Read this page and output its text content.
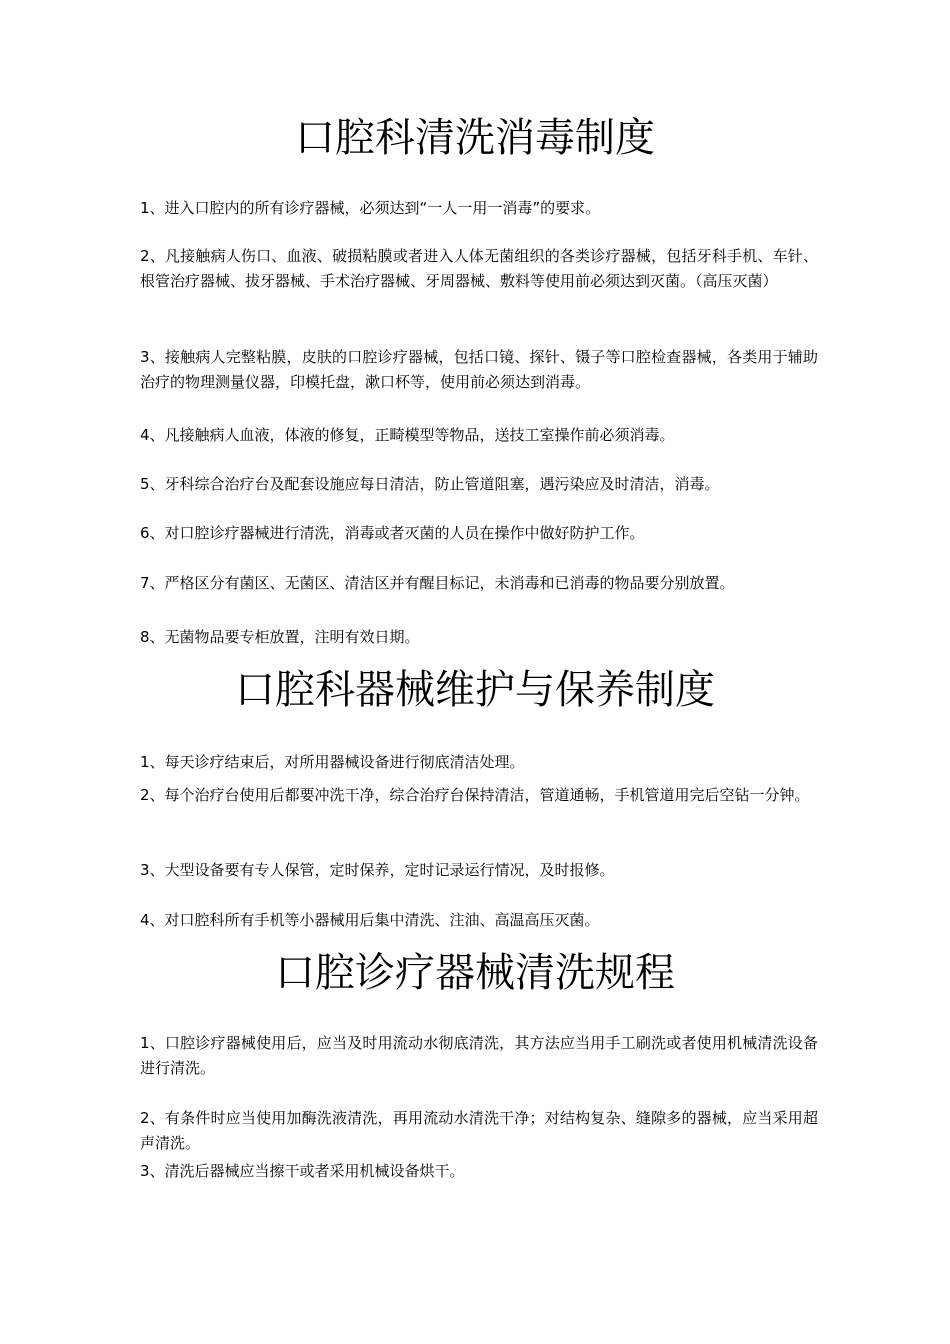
口腔科清洗消毒制度

1、进入口腔内的所有诊疗器械，必须达到“一人一用一消毒”的要求。

2、凡接触病人伤口、血液、破损粘膜或者进入人体无菌组织的各类诊疗器械，包括牙科手机、车针、根管治疗器械、拔牙器械、手术治疗器械、牙周器械、敷料等使用前必须达到灭菌。（高压灭菌）

3、接触病人完整粘膜，皮肤的口腔诊疗器械，包括口镜、探针、镊子等口腔检查器械，各类用于辅助治疗的物理测量仪器，印模托盘，漱口杯等，使用前必须达到消毒。

4、凡接触病人血液，体液的修复，正畸模型等物品，送技工室操作前必须消毒。

5、牙科综合治疗台及配套设施应每日清洁，防止管道阻塞，遇污染应及时清洁，消毒。

6、对口腔诊疗器械进行清洗，消毒或者灭菌的人员在操作中做好防护工作。

7、严格区分有菌区、无菌区、清洁区并有醒目标记，未消毒和已消毒的物品要分别放置。

8、无菌物品要专柜放置，注明有效日期。

口腔科器械维护与保养制度

1、每天诊疗结束后，对所用器械设备进行彻底清洁处理。

2、每个治疗台使用后都要冲洗干净，综合治疗台保持清洁，管道通畅，手机管道用完后空钻一分钟。

3、大型设备要有专人保管，定时保养，定时记录运行情况，及时报修。

4、对口腔科所有手机等小器械用后集中清洗、注油、高温高压灭菌。

口腔诊疗器械清洗规程

1、口腔诊疗器械使用后，应当及时用流动水彻底清洗，其方法应当用手工刷洗或者使用机械清洗设备进行清洗。

2、有条件时应当使用加酶洗液清洗，再用流动水清洗干净；对结构复杂、缝隙多的器械，应当采用超声清洗。

3、清洗后器械应当擦干或者采用机械设备烘干。
